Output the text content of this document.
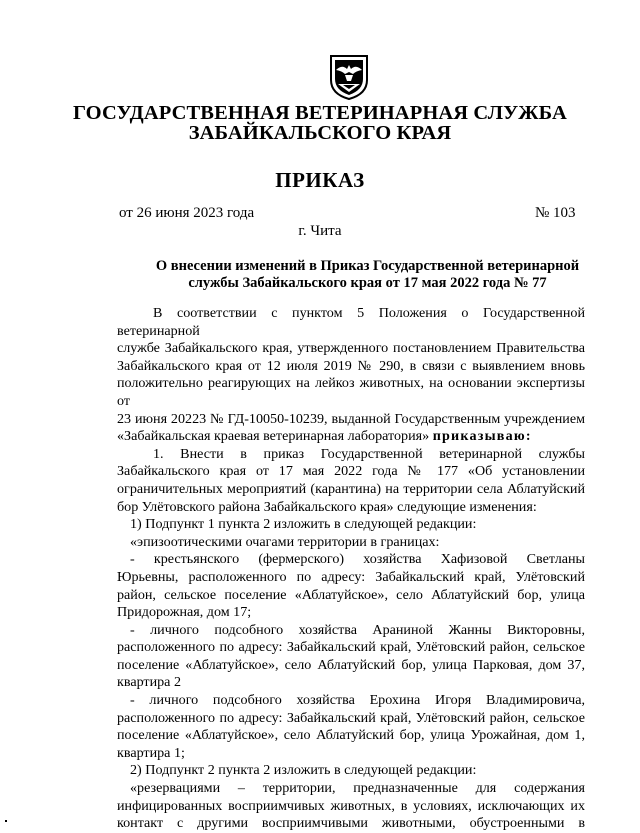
ГОСУДАРСТВЕННАЯ ВЕТЕРИНАРНАЯ СЛУЖБА
ЗАБАЙКАЛЬСКОГО КРАЯ
ПРИКАЗ
от 26 июня 2023 года	№ 103
г. Чита
О внесении изменений в Приказ Государственной ветеринарной
службы Забайкальского края от 17 мая 2022 года № 77

В соответствии с пунктом 5 Положения о Государственной ветеринарной

службе Забайкальского края, утвержденного постановлением Правительства

Забайкальского края от 12 июля 2019 № 290, в связи с выявлением вновь

положительно реагирующих на лейкоз животных, на основании экспертизы от

23 июня 20223 № ГД-10050-10239, выданной Государственным учреждением

«Забайкальская краевая ветеринарная лаборатория» приказываю:

1. Внести в приказ Государственной ветеринарной службы

Забайкальского края от 17 мая 2022 года № 177 «Об установлении

ограничительных мероприятий (карантина) на территории села Аблатуйский

бор Улётовского района Забайкальского края» следующие изменения:

1) Подпункт 1 пункта 2 изложить в следующей редакции:

«эпизоотическими очагами территории в границах:

- крестьянского (фермерского) хозяйства Хафизовой Светланы

Юрьевны, расположенного по адресу: Забайкальский край, Улётовский

район, сельское поселение «Аблатуйское», село Аблатуйский бор, улица

Придорожная, дом 17;

- личного подсобного хозяйства Араниной Жанны Викторовны,

расположенного по адресу: Забайкальский край, Улётовский район, сельское

поселение «Аблатуйское», село Аблатуйский бор, улица Парковая, дом 37,

квартира 2

- личного подсобного хозяйства Ерохина Игоря Владимировича,

расположенного по адресу: Забайкальский край, Улётовский район, сельское

поселение «Аблатуйское», село Аблатуйский бор, улица Урожайная, дом 1,

квартира 1;

2) Подпункт 2 пункта 2 изложить в следующей редакции:

«резервациями – территории, предназначенные для содержания

инфицированных восприимчивых животных, в условиях, исключающих их

контакт с другими восприимчивыми животными, обустроенными в
